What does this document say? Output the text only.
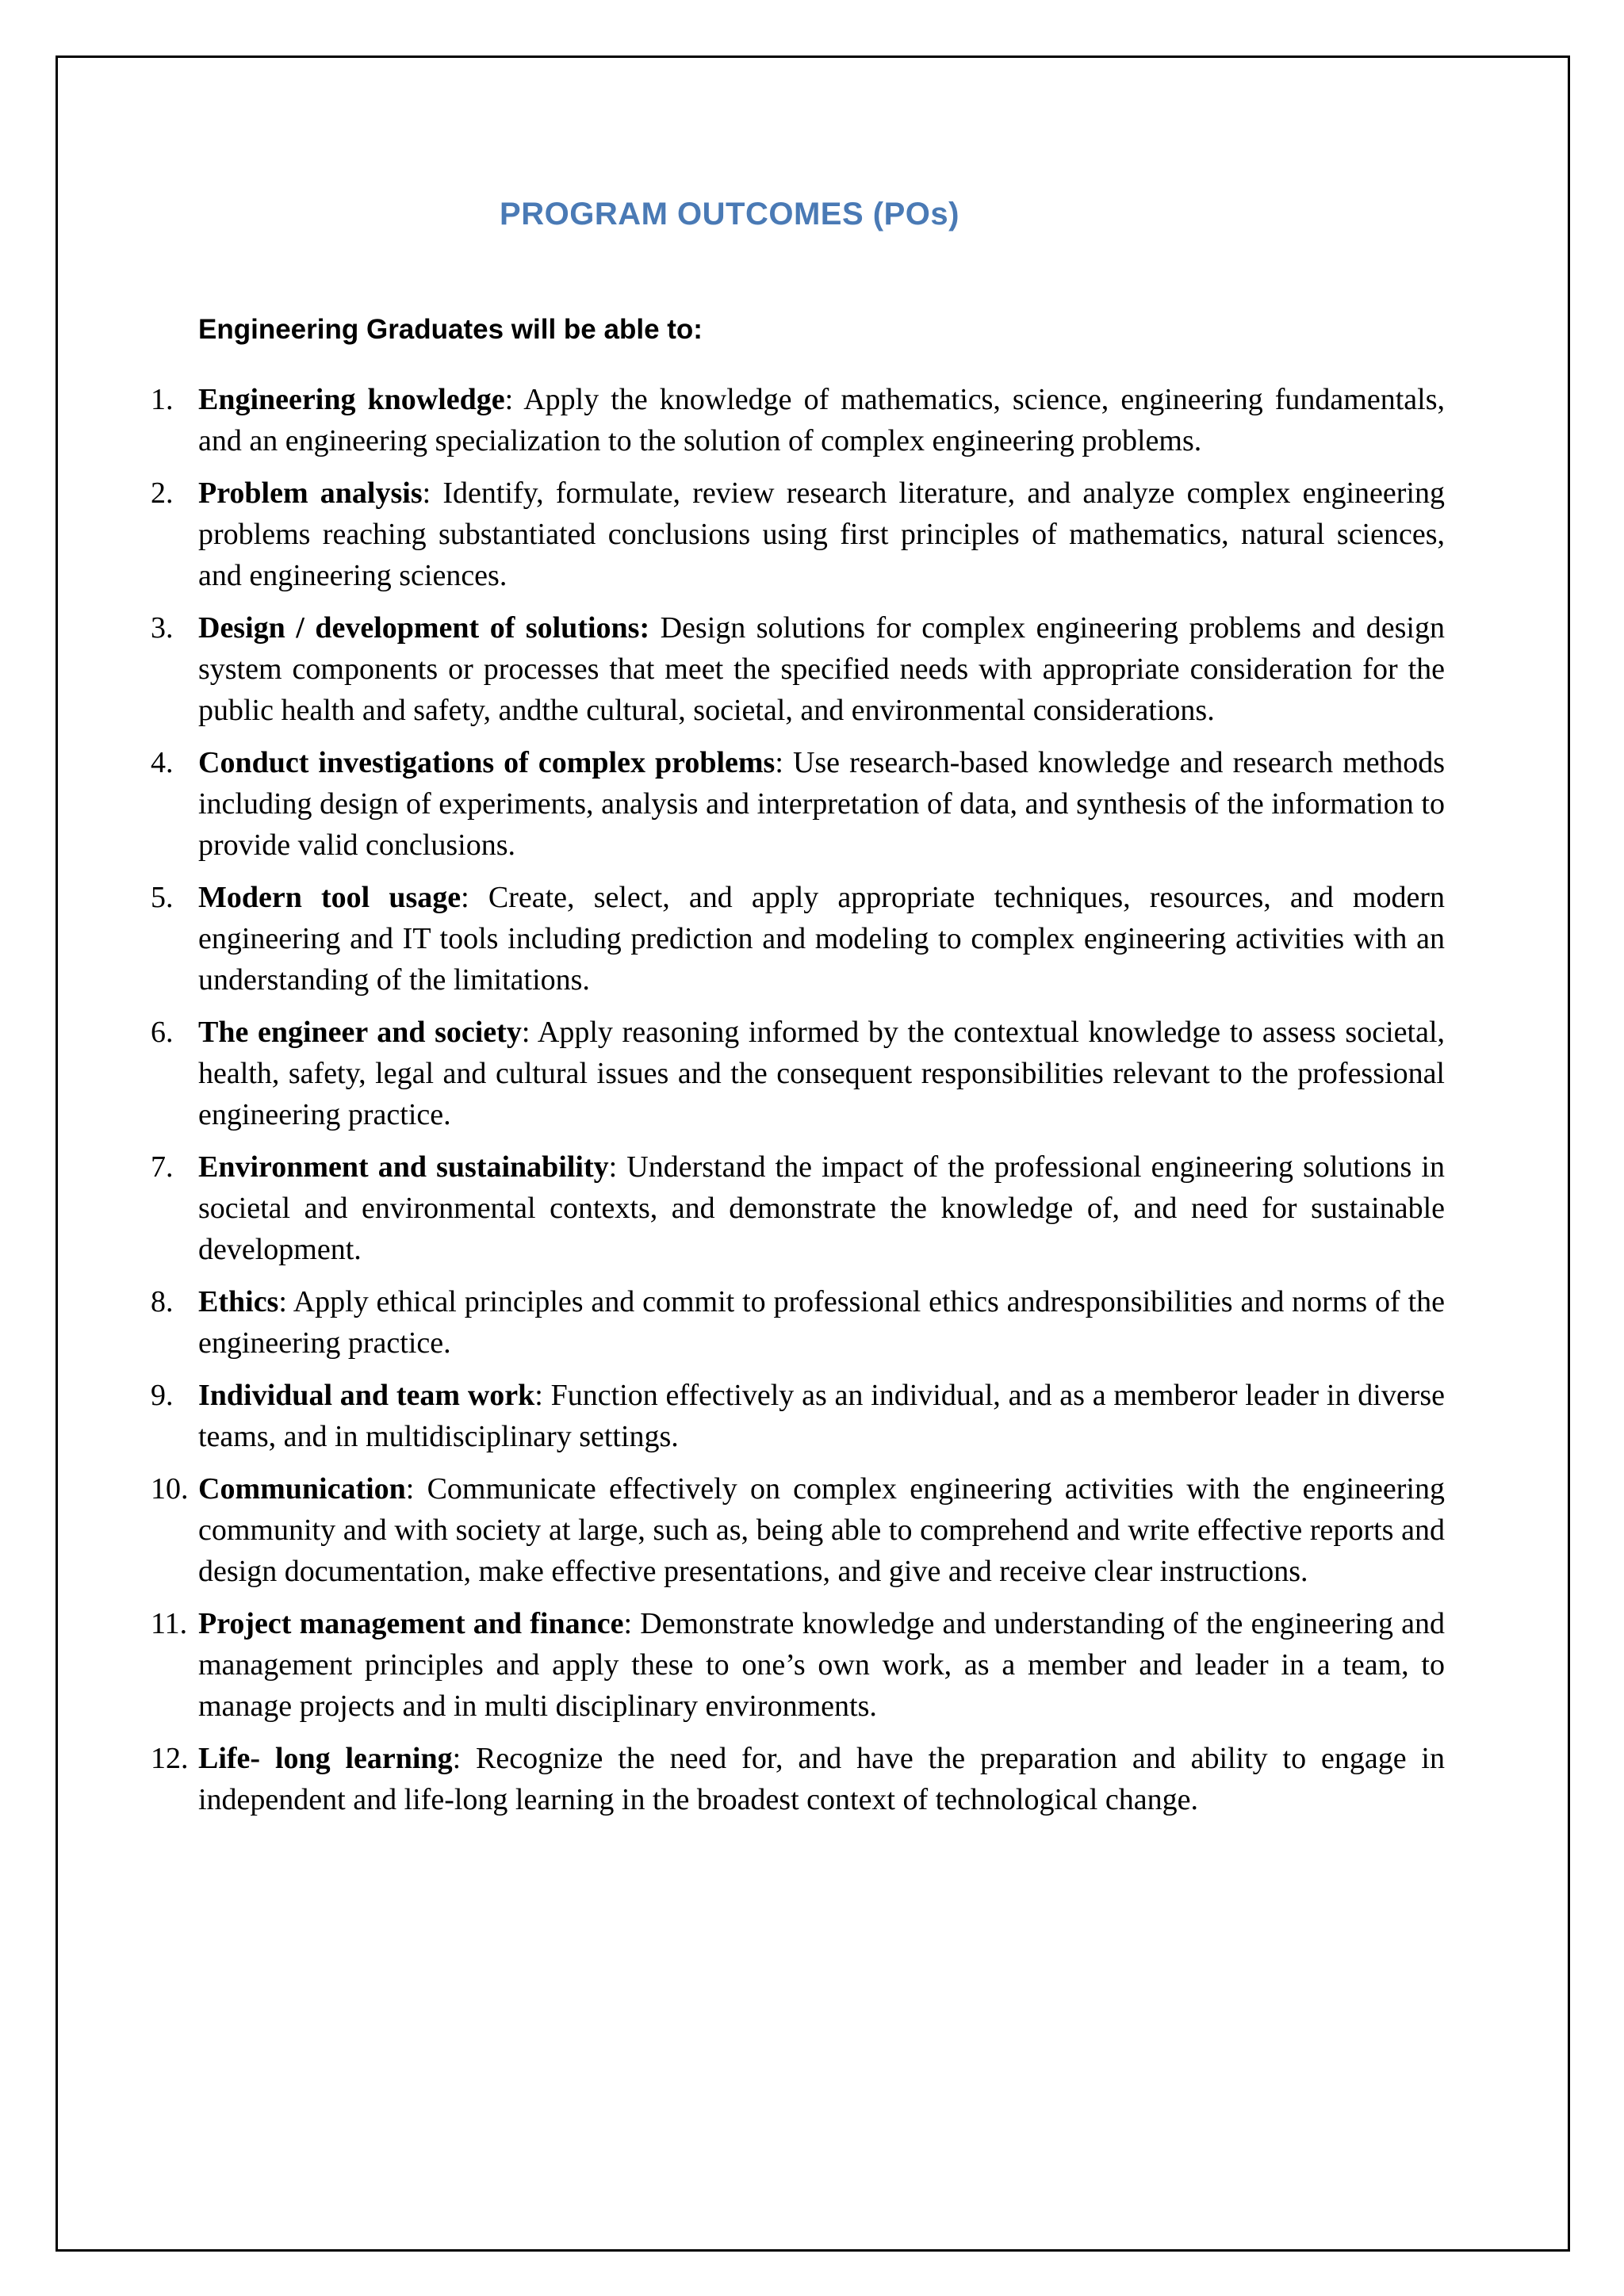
PROGRAM OUTCOMES (POs)
Engineering Graduates will be able to:
1. Engineering knowledge: Apply the knowledge of mathematics, science, engineering fundamentals, and an engineering specialization to the solution of complex engineering problems.
2. Problem analysis: Identify, formulate, review research literature, and analyze complex engineering problems reaching substantiated conclusions using first principles of mathematics, natural sciences, and engineering sciences.
3. Design / development of solutions: Design solutions for complex engineering problems and design system components or processes that meet the specified needs with appropriate consideration for the public health and safety, andthe cultural, societal, and environmental considerations.
4. Conduct investigations of complex problems: Use research-based knowledge and research methods including design of experiments, analysis and interpretation of data, and synthesis of the information to provide valid conclusions.
5. Modern tool usage: Create, select, and apply appropriate techniques, resources, and modern engineering and IT tools including prediction and modeling to complex engineering activities with an understanding of the limitations.
6. The engineer and society: Apply reasoning informed by the contextual knowledge to assess societal, health, safety, legal and cultural issues and the consequent responsibilities relevant to the professional engineering practice.
7. Environment and sustainability: Understand the impact of the professional engineering solutions in societal and environmental contexts, and demonstrate the knowledge of, and need for sustainable development.
8. Ethics: Apply ethical principles and commit to professional ethics andresponsibilities and norms of the engineering practice.
9. Individual and team work: Function effectively as an individual, and as a memberor leader in diverse teams, and in multidisciplinary settings.
10. Communication: Communicate effectively on complex engineering activities with the engineering community and with society at large, such as, being able to comprehend and write effective reports and design documentation, make effective presentations, and give and receive clear instructions.
11. Project management and finance: Demonstrate knowledge and understanding of the engineering and management principles and apply these to one’s own work, as a member and leader in a team, to manage projects and in multi disciplinary environments.
12. Life- long learning: Recognize the need for, and have the preparation and ability to engage in independent and life-long learning in the broadest context of technological change.
